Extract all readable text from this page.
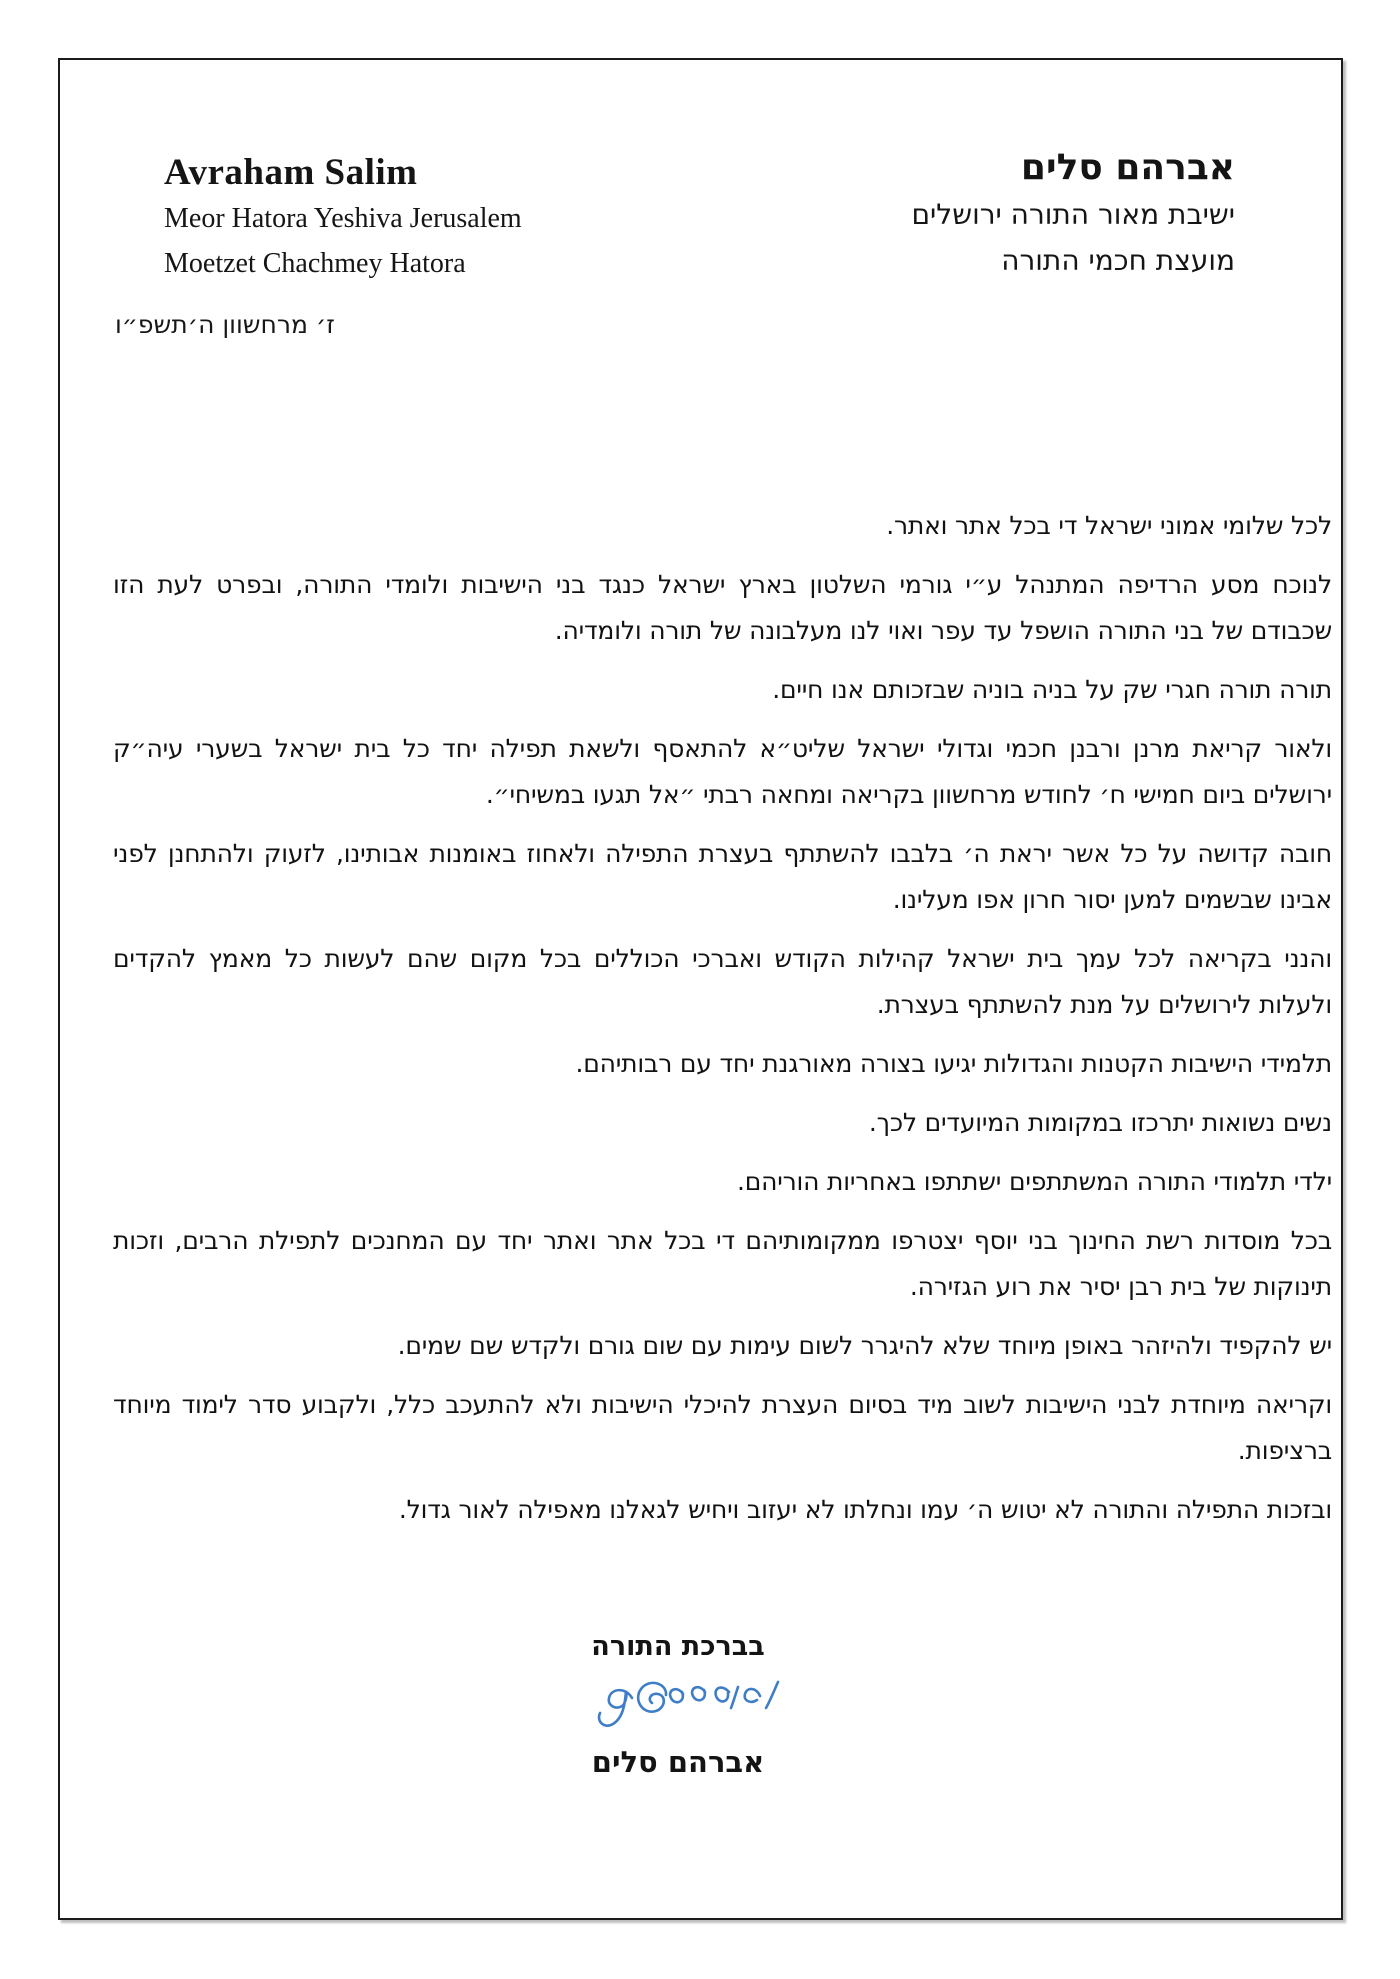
Avraham Salim
Meor Hatora Yeshiva Jerusalem
Moetzet Chachmey Hatora
אברהם סלים
ישיבת מאור התורה ירושלים
מועצת חכמי התורה
ז׳ מרחשוון ה׳תשפ״ו

לכל שלומי אמוני ישראל די בכל אתר ואתר.

לנוכח מסע הרדיפה המתנהל ע״י גורמי השלטון בארץ ישראל כנגד בני הישיבות ולומדי התורה, ובפרט לעת הזו שכבודם של בני התורה הושפל עד עפר ואוי לנו מעלבונה של תורה ולומדיה.

תורה תורה חגרי שק על בניה בוניה שבזכותם אנו חיים.

ולאור קריאת מרנן ורבנן חכמי וגדולי ישראל שליט״א להתאסף ולשאת תפילה יחד כל בית ישראל בשערי עיה״ק ירושלים ביום חמישי ח׳ לחודש מרחשוון בקריאה ומחאה רבתי ״אל תגעו במשיחי״.

חובה קדושה על כל אשר יראת ה׳ בלבבו להשתתף בעצרת התפילה ולאחוז באומנות אבותינו, לזעוק ולהתחנן לפני אבינו שבשמים למען יסור חרון אפו מעלינו.

והנני בקריאה לכל עמך בית ישראל קהילות הקודש ואברכי הכוללים בכל מקום שהם לעשות כל מאמץ להקדים ולעלות לירושלים על מנת להשתתף בעצרת.

תלמידי הישיבות הקטנות והגדולות יגיעו בצורה מאורגנת יחד עם רבותיהם.

נשים נשואות יתרכזו במקומות המיועדים לכך.

ילדי תלמודי התורה המשתתפים ישתתפו באחריות הוריהם.

בכל מוסדות רשת החינוך בני יוסף יצטרפו ממקומותיהם די בכל אתר ואתר יחד עם המחנכים לתפילת הרבים, וזכות תינוקות של בית רבן יסיר את רוע הגזירה.

יש להקפיד ולהיזהר באופן מיוחד שלא להיגרר לשום עימות עם שום גורם ולקדש שם שמים.

וקריאה מיוחדת לבני הישיבות לשוב מיד בסיום העצרת להיכלי הישיבות ולא להתעכב כלל, ולקבוע סדר לימוד מיוחד ברציפות.

ובזכות התפילה והתורה לא יטוש ה׳ עמו ונחלתו לא יעזוב ויחיש לגאלנו מאפילה לאור גדול.

בברכת התורה
אברהם סלים
